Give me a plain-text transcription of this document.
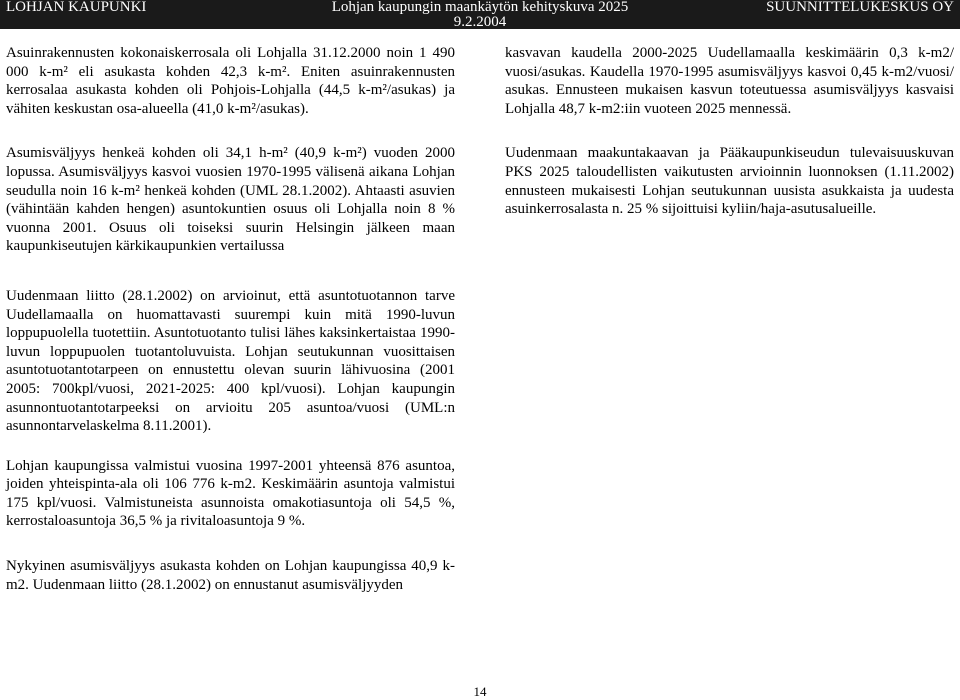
LOHJAN KAUPUNKI	Lohjan kaupungin maankäytön kehityskuva 2025
9.2.2004
SUUNNITTELUKESKUS OY

Asuinrakennusten kokonaiskerrosala oli Lohjalla 31.12.2000 noin 1 490 000 k-m² eli asukasta kohden 42,3 k-m². Eniten asuinrakennusten kerrosalaa asukasta kohden oli Pohjois-Lohjalla (44,5 k-m²/asukas) ja vähiten keskustan osa-alueella (41,0 k-m²/asukas).

Asumisväljyys henkeä kohden oli 34,1 h-m² (40,9 k-m²) vuoden 2000 lopussa. Asumisväljyys kasvoi vuosien 1970-1995 välisenä aikana Lohjan seudulla noin 16 k-m² henkeä kohden (UML 28.1.2002). Ahtaasti asuvien (vähintään kahden hengen) asuntokuntien osuus oli Lohjalla noin 8 % vuonna 2001. Osuus oli toiseksi suurin Helsingin jälkeen maan kaupunkiseutujen kärkikaupunkien vertailussa

Uudenmaan liitto (28.1.2002) on arvioinut, että asuntotuotannon tarve Uudellamaalla on huomattavasti suurempi kuin mitä 1990-luvun loppupuolella tuotettiin. Asuntotuotanto tulisi lähes kaksinkertaistaa 1990-luvun loppupuolen tuotantoluvuista. Lohjan seutukunnan vuosittaisen asuntotuotantotarpeen on ennustettu olevan suurin lähivuosina (2001 2005: 700kpl/vuosi, 2021-2025: 400 kpl/vuosi). Lohjan kaupungin asunnontuotantotarpeeksi on arvioitu 205 asuntoa/vuosi (UML:n asunnontarvelaskelma 8.11.2001).

Lohjan kaupungissa valmistui vuosina 1997-2001 yhteensä 876 asuntoa, joiden yhteispinta-ala oli 106 776 k-m2. Keskimäärin asuntoja valmistui 175 kpl/vuosi. Valmistuneista asunnoista omakotiasuntoja oli 54,5 %, kerrostaloasuntoja 36,5 % ja rivitaloasuntoja 9 %.

Nykyinen asumisväljyys asukasta kohden on Lohjan kaupungissa 40,9 k-m2. Uudenmaan liitto (28.1.2002) on ennustanut asumisväljyyden

kasvavan kaudella 2000-2025 Uudellamaalla keskimäärin 0,3 k-m2/ vuosi/asukas. Kaudella 1970-1995 asumisväljyys kasvoi 0,45 k-m2/vuosi/ asukas. Ennusteen mukaisen kasvun toteutuessa asumisväljyys kasvaisi Lohjalla 48,7 k-m2:iin vuoteen 2025 mennessä.

Uudenmaan maakuntakaavan ja Pääkaupunkiseudun tulevaisuuskuvan PKS 2025 taloudellisten vaikutusten arvioinnin luonnoksen (1.11.2002) ennusteen mukaisesti Lohjan seutukunnan uusista asukkaista ja uudesta asuinkerrosalasta n. 25 % sijoittuisi kyliin/haja-asutusalueille.

14
